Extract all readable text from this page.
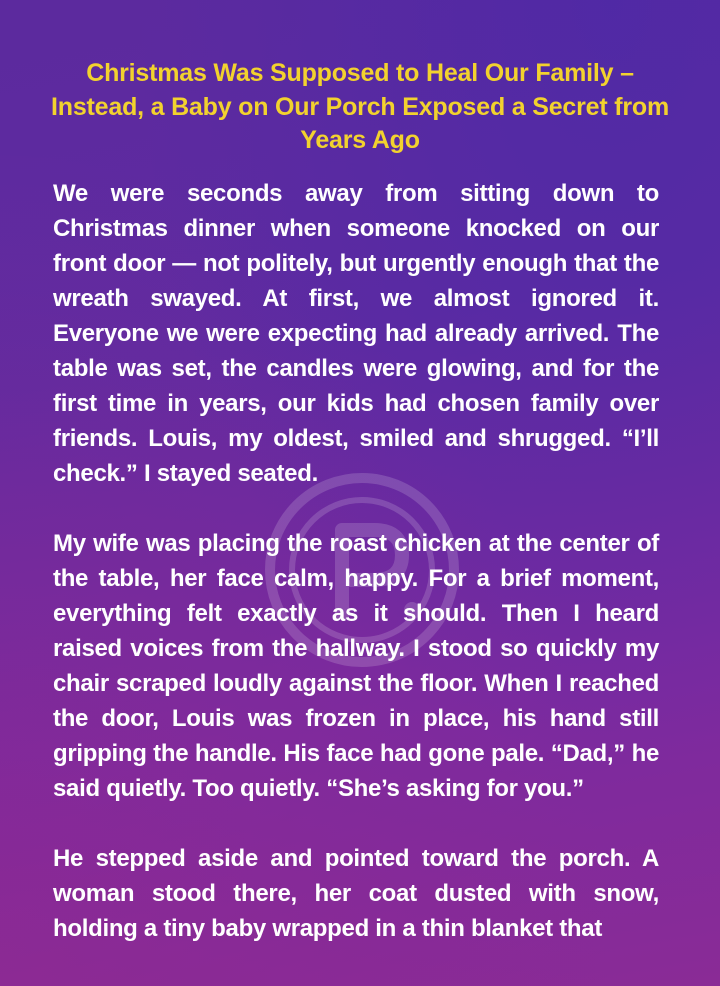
Christmas Was Supposed to Heal Our Family – Instead, a Baby on Our Porch Exposed a Secret from Years Ago

We were seconds away from sitting down to Christmas dinner when someone knocked on our front door — not politely, but urgently enough that the wreath swayed. At first, we almost ignored it. Everyone we were expecting had already arrived. The table was set, the candles were glowing, and for the first time in years, our kids had chosen family over friends. Louis, my oldest, smiled and shrugged. “I’ll check.” I stayed seated.

My wife was placing the roast chicken at the center of the table, her face calm, happy. For a brief moment, everything felt exactly as it should. Then I heard raised voices from the hallway. I stood so quickly my chair scraped loudly against the floor. When I reached the door, Louis was frozen in place, his hand still gripping the handle. His face had gone pale. “Dad,” he said quietly. Too quietly. “She’s asking for you.”

He stepped aside and pointed toward the porch. A woman stood there, her coat dusted with snow, holding a tiny baby wrapped in a thin blanket that
